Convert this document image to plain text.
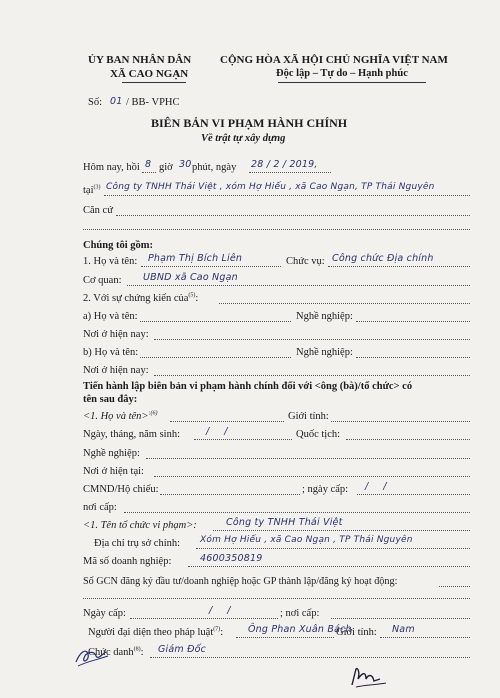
ỦY BAN NHÂN DÂN
XÃ CAO NGẠN
CỘNG HÒA XÃ HỘI CHỦ NGHĨA VIỆT NAM
Độc lập – Tự do – Hạnh phúc
Số: 01 / BB- VPHC
BIÊN BẢN VI PHẠM HÀNH CHÍNH
Về trật tự xây dựng
Hôm nay, hồi 8 giờ 30 phút, ngày 28 / 2 / 2019,
tại$^{(3)}$ Công ty TNHH Thái Việt , xóm Hợ Hiếu , xã Cao Ngạn, TP Thái Nguyên
Căn cứ
Chúng tôi gồm:
1. Họ và tên: Phạm Thị Bích Liên	Chức vụ: Công chức Địa chính
Cơ quan: UBND xã Cao Ngạn
2. Với sự chứng kiến của$^{(5)}$:
a) Họ và tên:	Nghề nghiệp:
Nơi ở hiện nay:
b) Họ và tên:	Nghề nghiệp:
Nơi ở hiện nay:
Tiến hành lập biên bản vi phạm hành chính đối với <ông (bà)/tổ chức> có
tên sau đây:
<1. Họ và tên>$^{:(6)}$	Giới tính:
Ngày, tháng, năm sinh:	/ /	Quốc tịch:
Nghề nghiệp:
Nơi ở hiện tại:
CMND/Hộ chiếu:	; ngày cấp: / /
nơi cấp:
<1. Tên tổ chức vi phạm>:	Công ty TNHH Thái Việt
Địa chỉ trụ sở chính: Xóm Hợ Hiếu , xã Cao Ngạn , TP Thái Nguyên
Mã số doanh nghiệp:	4600350819
Số GCN đăng ký đầu tư/doanh nghiệp hoặc GP thành lập/đăng ký hoạt động:
Ngày cấp:	/ /	; nơi cấp:
Người đại diện theo pháp luật$^{(7)}$:	Ông Phan Xuân Bách
Giới tính: Nam
Chức danh$^{(8)}$: Giám Đốc
